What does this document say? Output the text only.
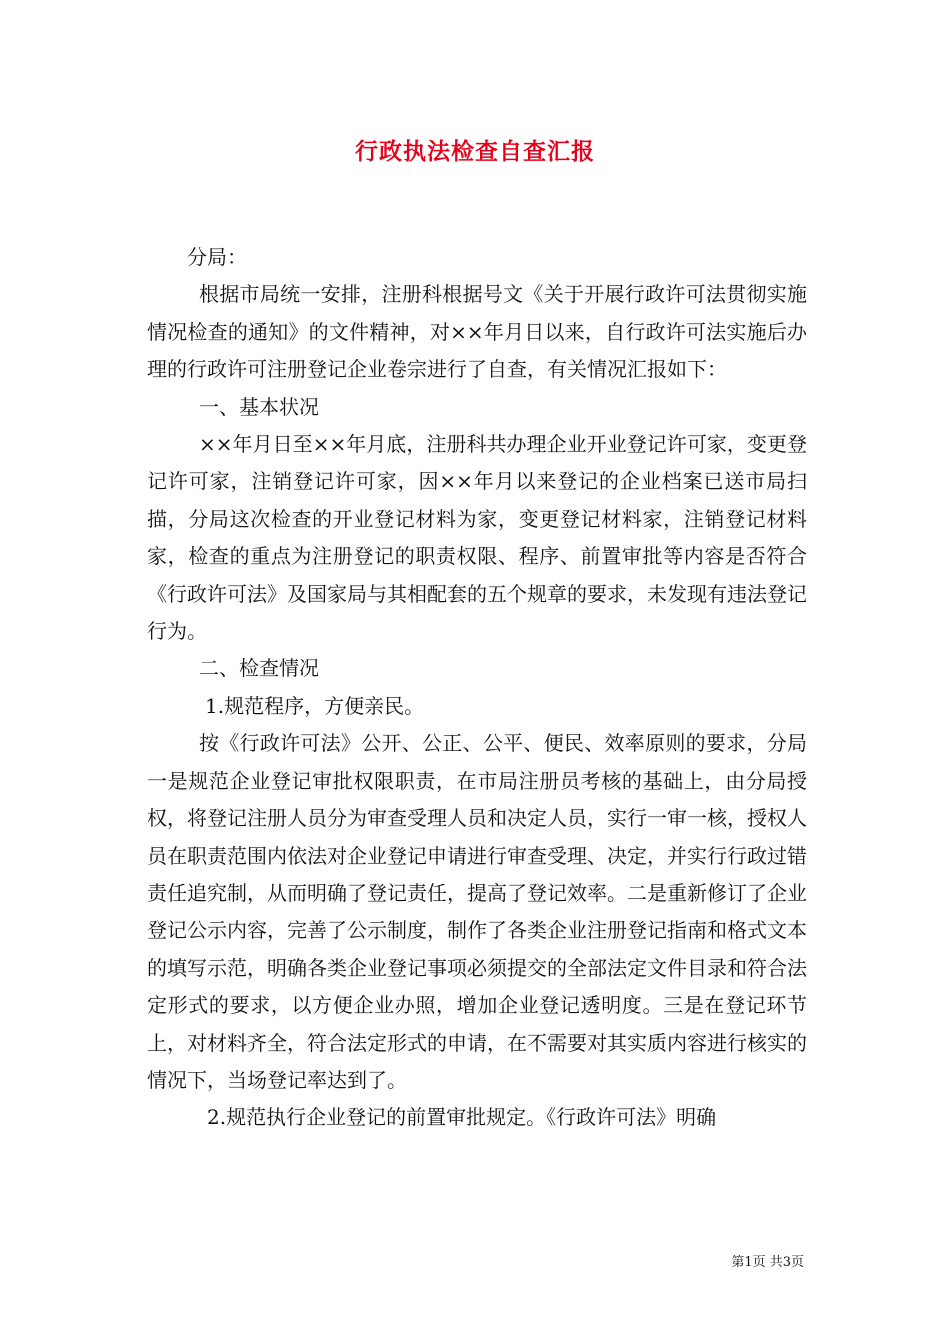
行政执法检查自查汇报

分局：

根据市局统一安排，注册科根据号文《关于开展行政许可法贯彻实施情况检查的通知》的文件精神，对××年月日以来，自行政许可法实施后办理的行政许可注册登记企业卷宗进行了自查，有关情况汇报如下：

一、基本状况

××年月日至××年月底，注册科共办理企业开业登记许可家，变更登记许可家，注销登记许可家，因××年月以来登记的企业档案已送市局扫描，分局这次检查的开业登记材料为家，变更登记材料家，注销登记材料家，检查的重点为注册登记的职责权限、程序、前置审批等内容是否符合《行政许可法》及国家局与其相配套的五个规章的要求，未发现有违法登记行为。

二、检查情况

1.规范程序，方便亲民。

按《行政许可法》公开、公正、公平、便民、效率原则的要求，分局一是规范企业登记审批权限职责，在市局注册员考核的基础上，由分局授权，将登记注册人员分为审查受理人员和决定人员，实行一审一核，授权人员在职责范围内依法对企业登记申请进行审查受理、决定，并实行行政过错责任追究制，从而明确了登记责任，提高了登记效率。二是重新修订了企业登记公示内容，完善了公示制度，制作了各类企业注册登记指南和格式文本的填写示范，明确各类企业登记事项必须提交的全部法定文件目录和符合法定形式的要求，以方便企业办照，增加企业登记透明度。三是在登记环节上，对材料齐全，符合法定形式的申请，在不需要对其实质内容进行核实的情况下，当场登记率达到了。

2.规范执行企业登记的前置审批规定。《行政许可法》明确

第1页 共3页
